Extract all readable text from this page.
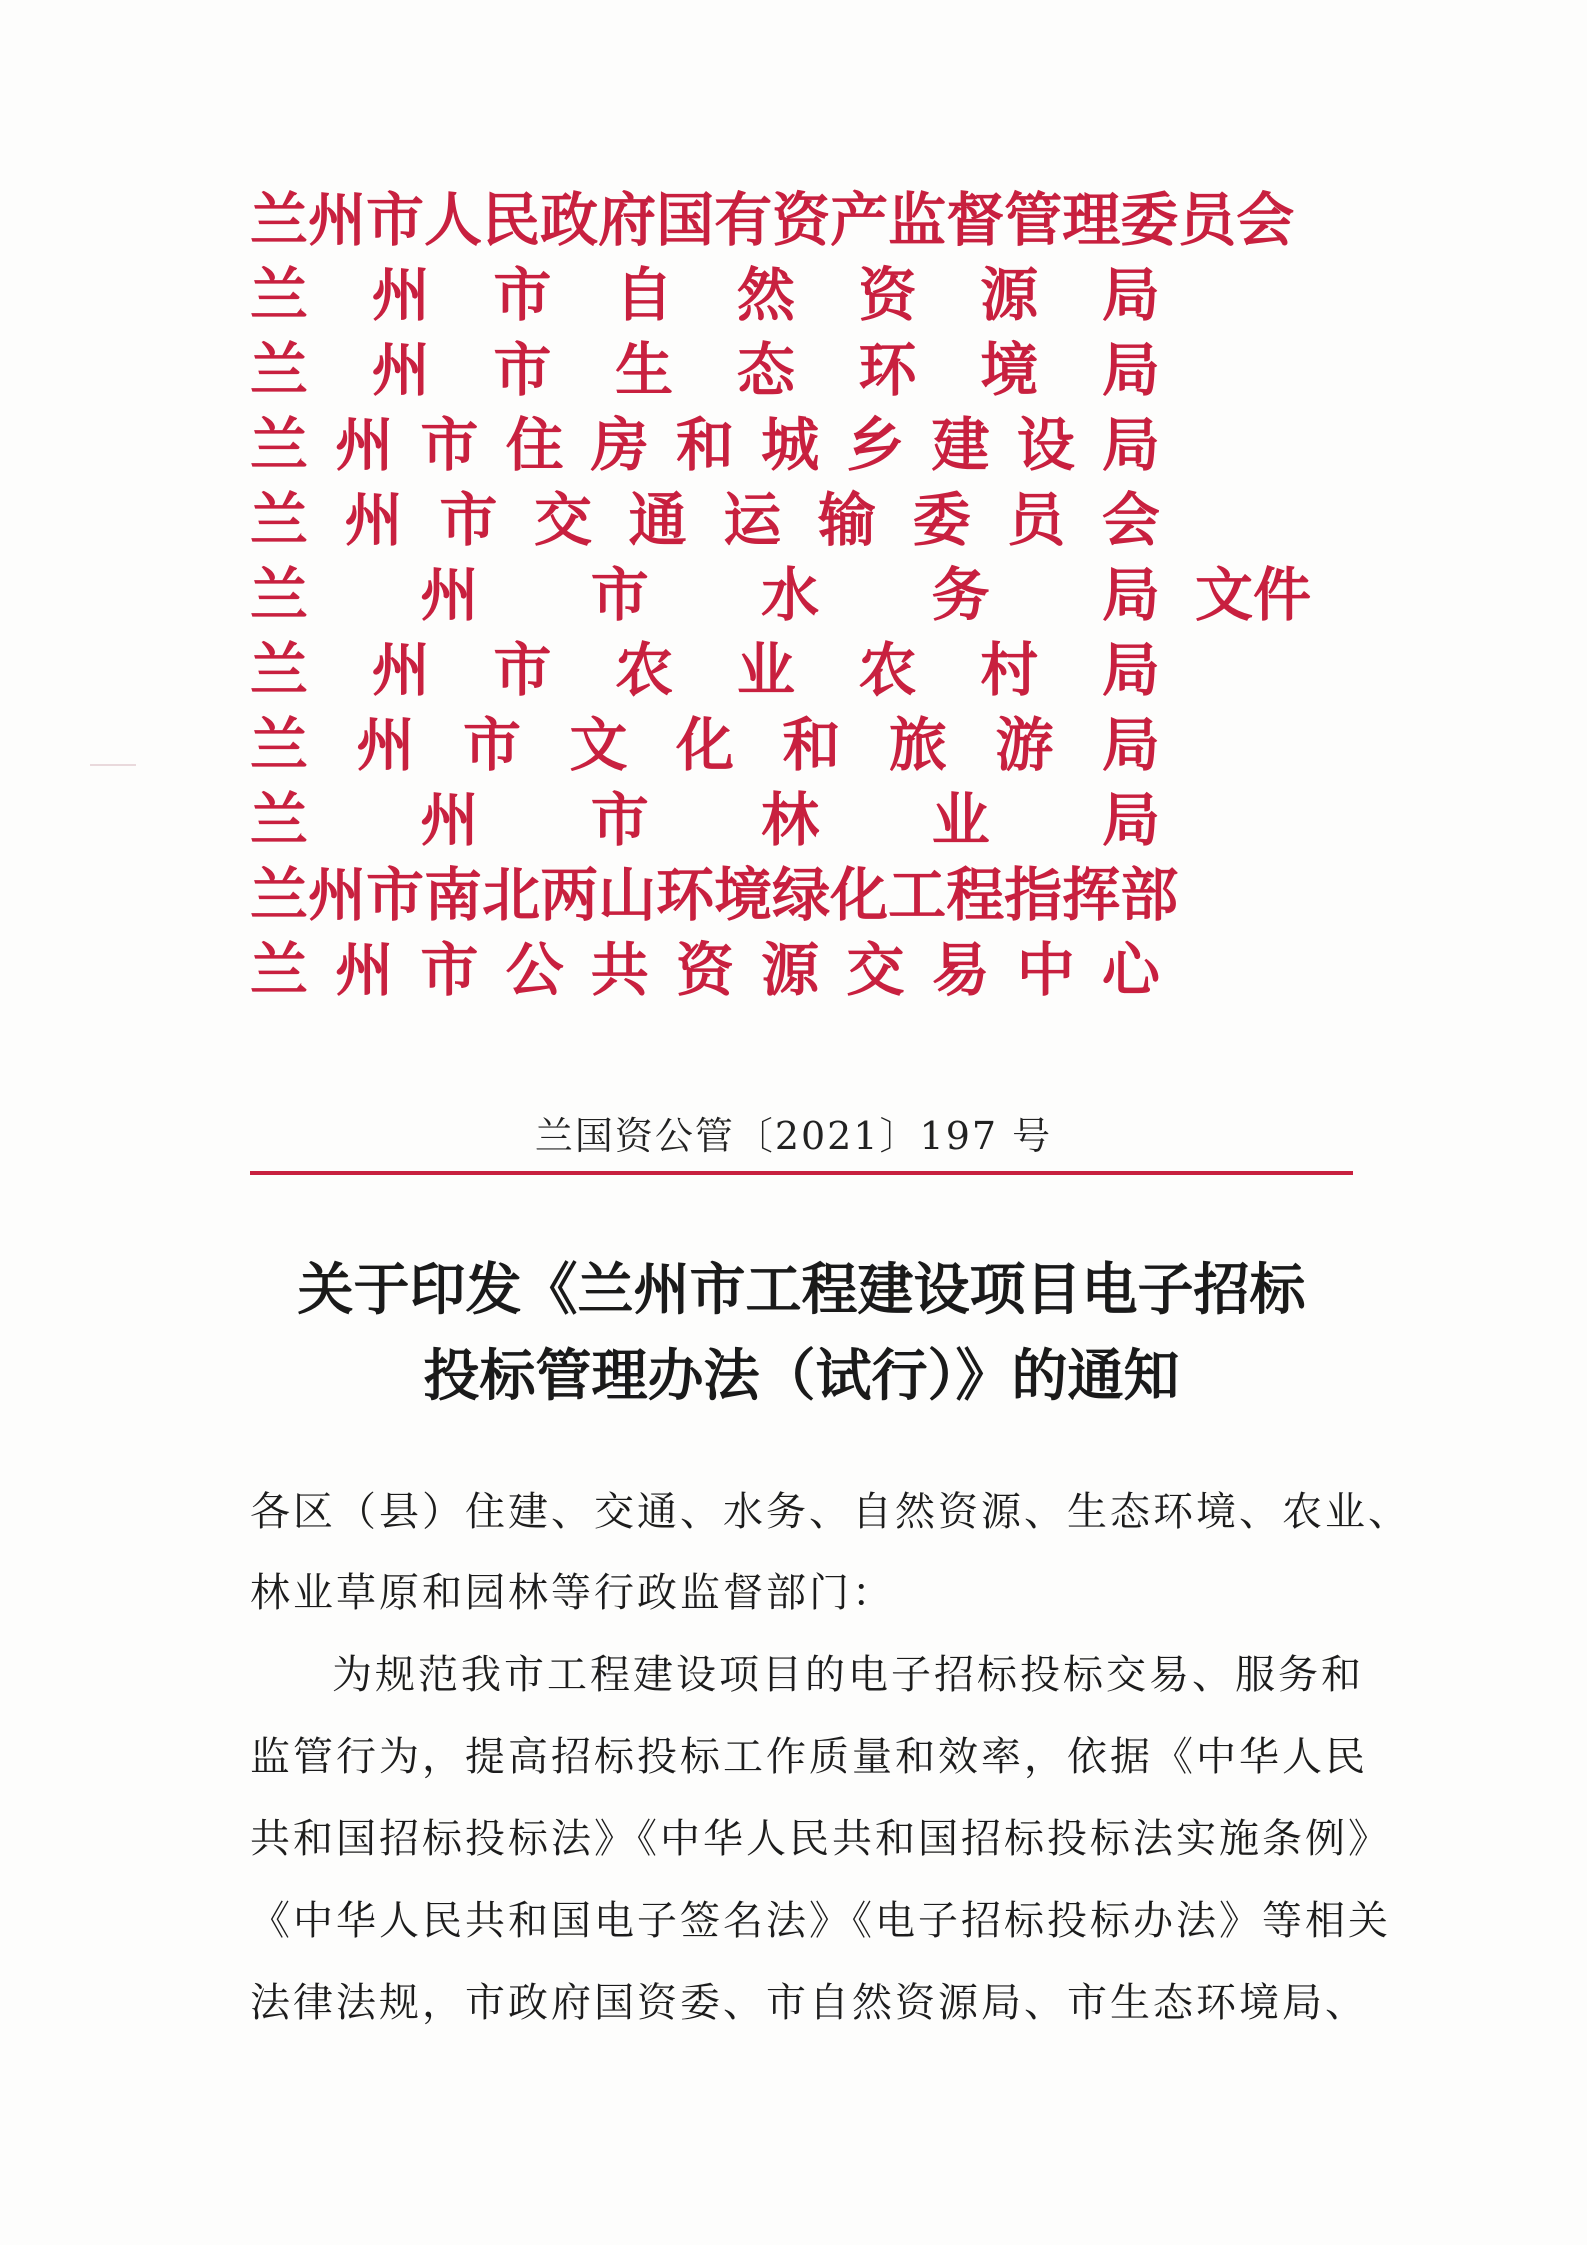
兰 州 市 人 民 政 府 国 有 资 产 监 督 管 理 委 员 会
兰 州 市 自 然 资 源 局
兰 州 市 生 态 环 境 局
兰 州 市 住 房 和 城 乡 建 设 局
兰 州 市 交 通 运 输 委 员 会
兰 州 市 水 务 局 文件
兰 州 市 农 业 农 村 局
兰 州 市 文 化 和 旅 游 局
兰 州 市 林 业 局
兰 州 市 南 北 两 山 环 境 绿 化 工 程 指 挥 部
兰 州 市 公 共 资 源 交 易 中 心
兰国资公管〔2021〕197 号
关于印发《兰州市工程建设项目电子招标
投标管理办法（试行）》的通知
各区（县）住建、交通、水务、自然资源、生态环境、农业、
林业草原和园林等行政监督部门：
为规范我市工程建设项目的电子招标投标交易、服务和
监管行为，提高招标投标工作质量和效率，依据《中华人民
共和国招标投标法》《中华人民共和国招标投标法实施条例》
《中华人民共和国电子签名法》《电子招标投标办法》等相关
法律法规，市政府国资委、市自然资源局、市生态环境局、
